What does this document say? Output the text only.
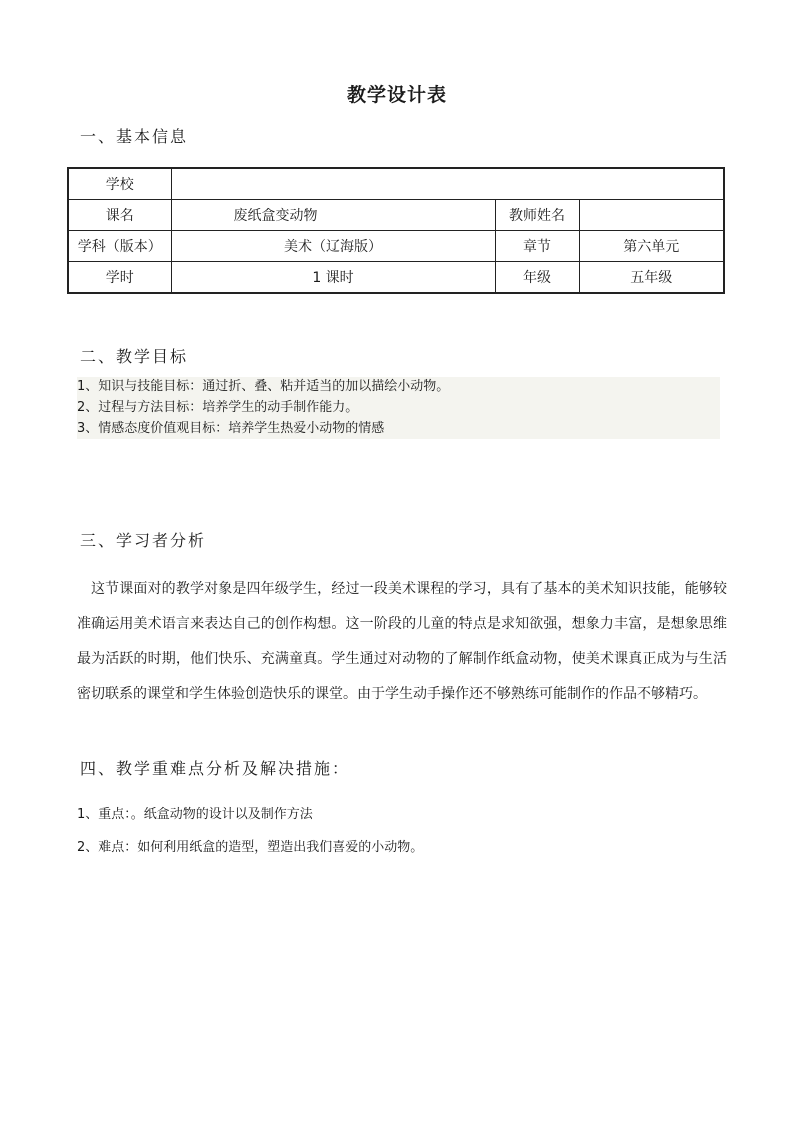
教学设计表
一、基本信息
学校			
课名	废纸盒变动物	教师姓名	
学科（版本）	美术（辽海版）	章节	第六单元
学时	1 课时	年级	五年级
二、教学目标
1、知识与技能目标：通过折、叠、粘并适当的加以描绘小动物。
2、过程与方法目标：培养学生的动手制作能力。
3、情感态度价值观目标：培养学生热爱小动物的情感
三、学习者分析
这节课面对的教学对象是四年级学生，经过一段美术课程的学习，具有了基本的美术知识技能，能够较准确运用美术语言来表达自己的创作构想。这一阶段的儿童的特点是求知欲强，想象力丰富，是想象思维最为活跃的时期，他们快乐、充满童真。学生通过对动物的了解制作纸盒动物，使美术课真正成为与生活密切联系的课堂和学生体验创造快乐的课堂。由于学生动手操作还不够熟练可能制作的作品不够精巧。
四、教学重难点分析及解决措施：
1、重点：。纸盒动物的设计以及制作方法
2、难点：如何利用纸盒的造型，塑造出我们喜爱的小动物。
